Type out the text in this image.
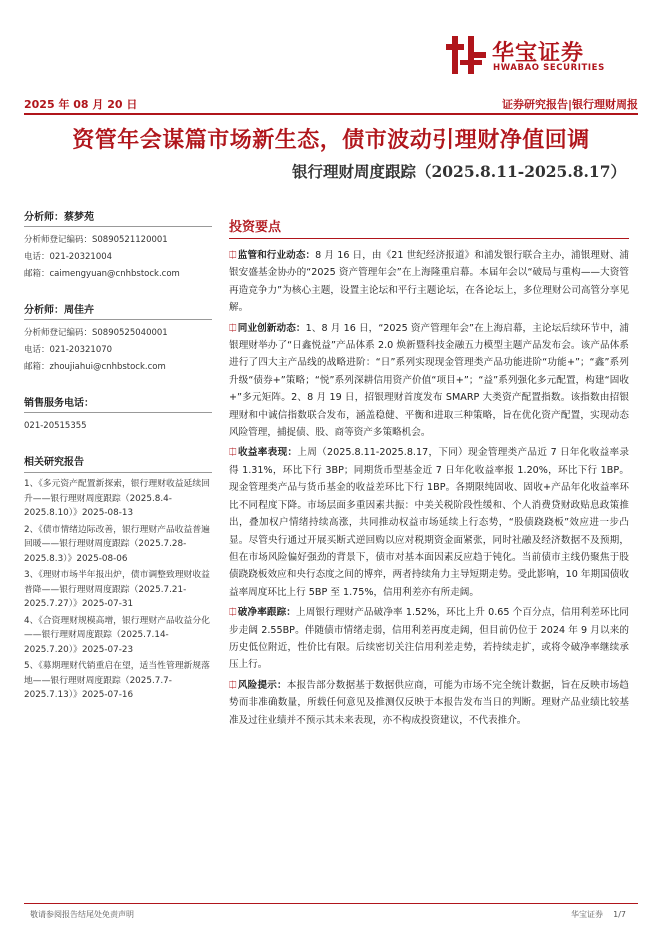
华宝证券
HWABAO SECURITIES
2025 年 08 月 20 日	证券研究报告|银行理财周报
资管年会谋篇市场新生态，债市波动引理财净值回调
银行理财周度跟踪（2025.8.11-2025.8.17）
分析师：蔡梦苑
分析师登记编码：S0890521120001
电话：021-20321004
邮箱：caimengyuan@cnhbstock.com
分析师：周佳卉
分析师登记编码：S0890525040001
电话：021-20321070
邮箱：zhoujiahui@cnhbstock.com
销售服务电话：
021-20515355
相关研究报告
1、《多元资产配置新探索，银行理财收益延续回升——银行理财周度跟踪（2025.8.4-2025.8.10）》2025-08-13
2、《债市情绪边际改善，银行理财产品收益普遍回暖——银行理财周度跟踪（2025.7.28-2025.8.3）》2025-08-06
3、《理财市场半年报出炉，债市调整致理财收益普降——银行理财周度跟踪（2025.7.21-2025.7.27）》2025-07-31
4、《合资理财规模高增，银行理财产品收益分化——银行理财周度跟踪（2025.7.14-2025.7.20）》2025-07-23
5、《募期理财代销重启在望，适当性管理新规落地——银行理财周度跟踪（2025.7.7-2025.7.13）》2025-07-16
投资要点
⎅监管和行业动态：8 月 16 日，由《21 世纪经济报道》和浦发银行联合主办，浦银理财、浦银安盛基金协办的“2025 资产管理年会”在上海隆重启幕。本届年会以“破局与重构——大资管再造竞争力”为核心主题，设置主论坛和平行主题论坛，在各论坛上，多位理财公司高管分享见解。
⎅同业创新动态：1、8 月 16 日，“2025 资产管理年会”在上海启幕，主论坛后续环节中，浦银理财举办了“日鑫悦益”产品体系 2.0 焕新暨科技金融五力模型主题产品发布会。该产品体系进行了四大主产品线的战略进阶：“日”系列实现现金管理类产品功能进阶“功能+”；“鑫”系列升级“债券+”策略；“悦”系列深耕信用资产价值“项目+”；“益”系列强化多元配置，构建“固收+”多元矩阵。2、8 月 19 日，招银理财首度发布 SMARP 大类资产配置指数。该指数由招银理财和中诚信指数联合发布，涵盖稳健、平衡和进取三种策略，旨在优化资产配置，实现动态风险管理，捕捉债、股、商等资产多策略机会。
⎅收益率表现：上周（2025.8.11-2025.8.17，下同）现金管理类产品近 7 日年化收益率录得 1.31%，环比下行 3BP；同期货币型基金近 7 日年化收益率报 1.20%，环比下行 1BP。现金管理类产品与货币基金的收益差环比下行 1BP。各期限纯固收、固收+产品年化收益率环比不同程度下降。市场层面多重因素共振：中美关税阶段性缓和、个人消费贷财政贴息政策推出，叠加权户情绪持续高涨，共同推动权益市场延续上行态势，“股债跷跷板”效应进一步凸显。尽管央行通过开展买断式逆回购以应对税期资金面紧张，同时社融及经济数据不及预期，但在市场风险偏好强劲的背景下，债市对基本面因素反应趋于钝化。当前债市主线仍聚焦于股债跷跷板效应和央行态度之间的博弈，两者持续角力主导短期走势。受此影响，10 年期国债收益率周度环比上行 5BP 至 1.75%，信用利差亦有所走阔。
⎅破净率跟踪：上周银行理财产品破净率 1.52%，环比上升 0.65 个百分点，信用利差环比同步走阔 2.55BP。伴随债市情绪走弱，信用利差再度走阔，但目前仍位于 2024 年 9 月以来的历史低位附近，性价比有限。后续密切关注信用利差走势，若持续走扩，或将令破净率继续承压上行。
⎅风险提示：本报告部分数据基于数据供应商，可能为市场不完全统计数据，旨在反映市场趋势而非准确数量，所载任何意见及推测仅反映于本报告发布当日的判断。理财产品业绩比较基准及过往业绩并不预示其未来表现，亦不构成投资建议，不代表推介。
敬请参阅报告结尾处免责声明	华宝证券 1/7
